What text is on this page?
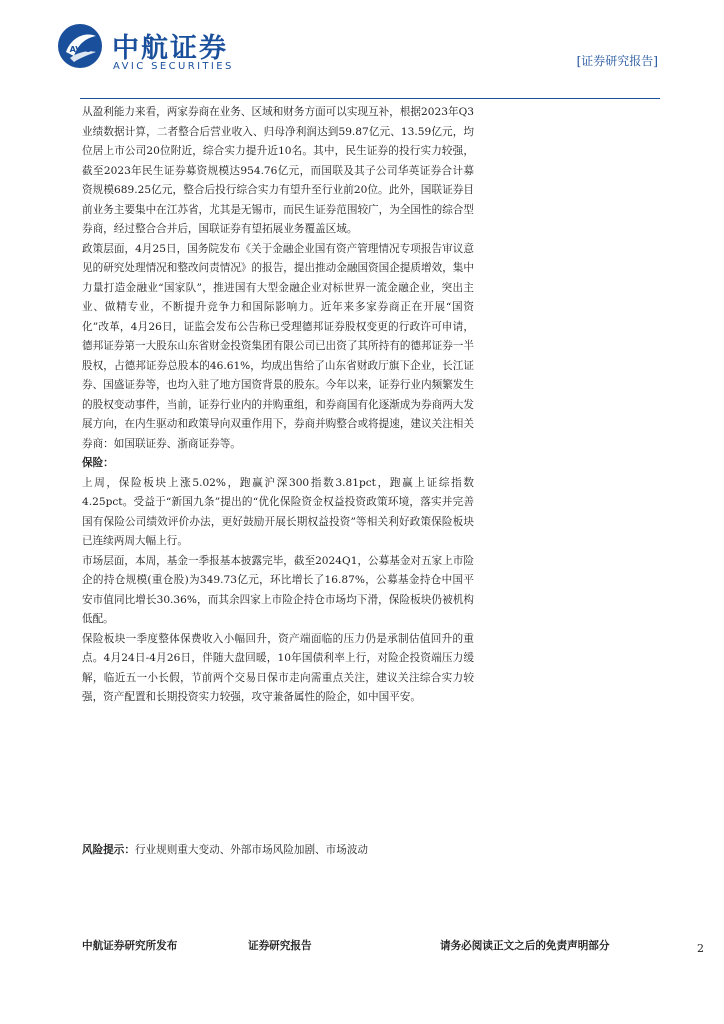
AVIC 中航证券
AVIC SECURITIES	[证券研究报告]

从盈利能力来看，两家券商在业务、区域和财务方面可以实现互补，根据2023年Q3业绩数据计算，二者整合后营业收入、归母净利润达到59.87亿元、13.59亿元，均位居上市公司20位附近，综合实力提升近10名。其中，民生证券的投行实力较强，截至2023年民生证券募资规模达954.76亿元，而国联及其子公司华英证券合计募资规模689.25亿元，整合后投行综合实力有望升至行业前20位。此外，国联证券目前业务主要集中在江苏省，尤其是无锡市，而民生证券范围较广，为全国性的综合型券商，经过整合合并后，国联证券有望拓展业务覆盖区域。

政策层面，4月25日，国务院发布《关于金融企业国有资产管理情况专项报告审议意见的研究处理情况和整改问责情况》的报告，提出推动金融国资国企提质增效，集中力量打造金融业“国家队”，推进国有大型金融企业对标世界一流金融企业，突出主业、做精专业，不断提升竞争力和国际影响力。近年来多家券商正在开展“国资化”改革，4月26日，证监会发布公告称已受理德邦证券股权变更的行政许可申请，德邦证券第一大股东山东省财金投资集团有限公司已出资了其所持有的德邦证券一半股权，占德邦证券总股本的46.61%，均成出售给了山东省财政厅旗下企业，长江证券、国盛证券等，也均入驻了地方国资背景的股东。今年以来，证券行业内频繁发生的股权变动事件，当前，证券行业内的并购重组，和券商国有化逐渐成为券商两大发展方向，在内生驱动和政策导向双重作用下，券商并购整合或将提速，建议关注相关券商：如国联证券、浙商证券等。

保险：

上周，保险板块上涨5.02%，跑赢沪深300指数3.81pct，跑赢上证综指数4.25pct。受益于“新国九条”提出的“优化保险资金权益投资政策环境，落实并完善国有保险公司绩效评价办法，更好鼓励开展长期权益投资”等相关利好政策保险板块已连续两周大幅上行。

市场层面，本周，基金一季报基本披露完毕，截至2024Q1，公募基金对五家上市险企的持仓规模(重仓股)为349.73亿元，环比增长了16.87%，公募基金持仓中国平安市值同比增长30.36%，而其余四家上市险企持仓市场均下滑，保险板块仍被机构低配。

保险板块一季度整体保费收入小幅回升，资产端面临的压力仍是承制估值回升的重点。4月24日-4月26日，伴随大盘回暖，10年国债利率上行，对险企投资端压力缓解，临近五一小长假，节前两个交易日保市走向需重点关注，建议关注综合实力较强，资产配置和长期投资实力较强，攻守兼备属性的险企，如中国平安。

风险提示：行业规则重大变动、外部市场风险加剧、市场波动
中航证券研究所发布	证券研究报告	请务必阅读正文之后的免责声明部分	2
